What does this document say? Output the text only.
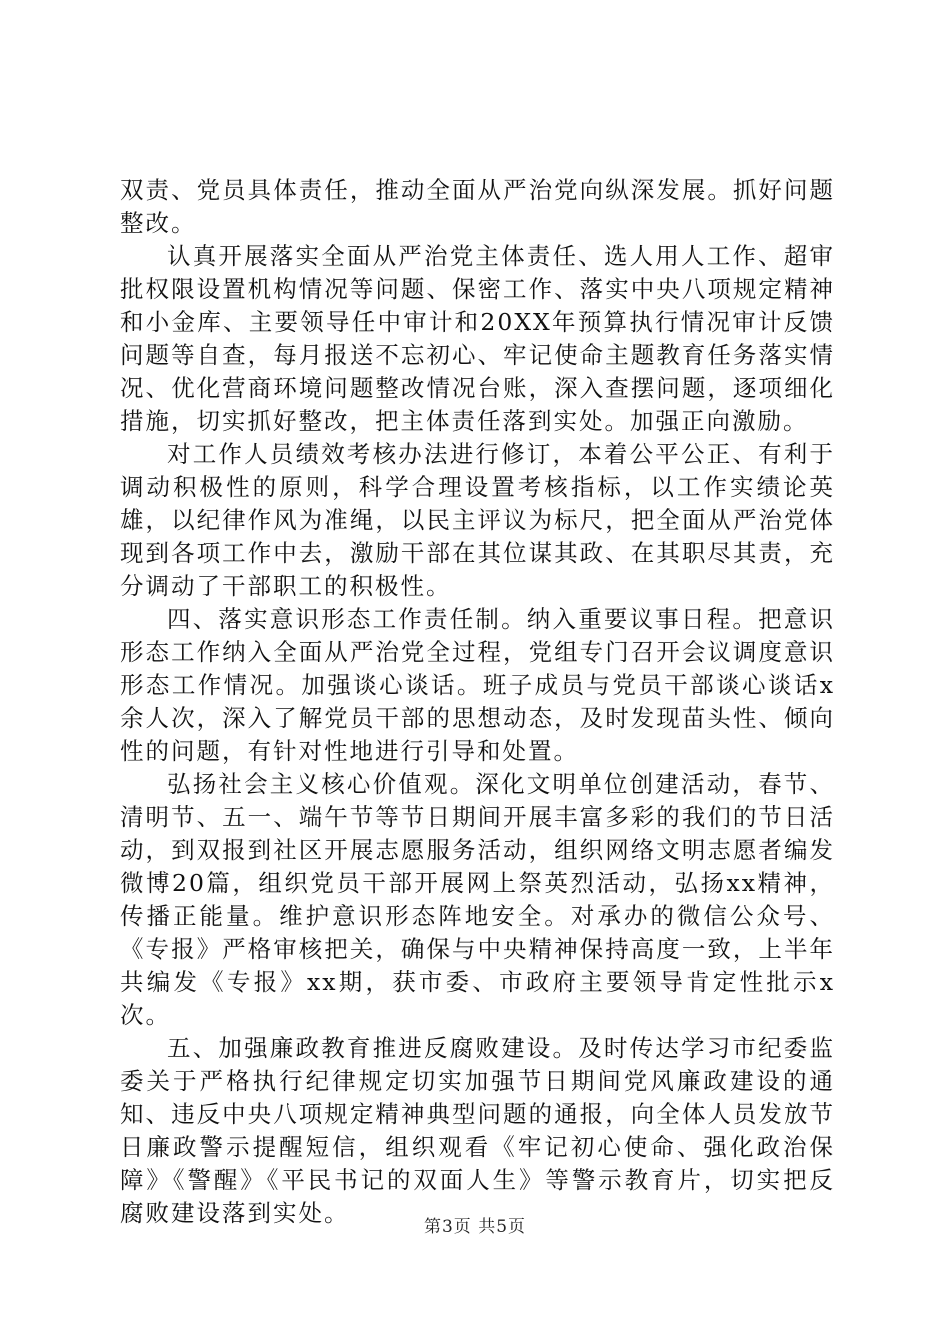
双责、党员具体责任，推动全面从严治党向纵深发展。抓好问题整改。

认真开展落实全面从严治党主体责任、选人用人工作、超审批权限设置机构情况等问题、保密工作、落实中央八项规定精神和小金库、主要领导任中审计和20XX年预算执行情况审计反馈问题等自查，每月报送不忘初心、牢记使命主题教育任务落实情况、优化营商环境问题整改情况台账，深入查摆问题，逐项细化措施，切实抓好整改，把主体责任落到实处。加强正向激励。

对工作人员绩效考核办法进行修订，本着公平公正、有利于调动积极性的原则，科学合理设置考核指标，以工作实绩论英雄，以纪律作风为准绳，以民主评议为标尺，把全面从严治党体现到各项工作中去，激励干部在其位谋其政、在其职尽其责，充分调动了干部职工的积极性。

四、落实意识形态工作责任制。纳入重要议事日程。把意识形态工作纳入全面从严治党全过程，党组专门召开会议调度意识形态工作情况。加强谈心谈话。班子成员与党员干部谈心谈话x余人次，深入了解党员干部的思想动态，及时发现苗头性、倾向性的问题，有针对性地进行引导和处置。

弘扬社会主义核心价值观。深化文明单位创建活动，春节、清明节、五一、端午节等节日期间开展丰富多彩的我们的节日活动，到双报到社区开展志愿服务活动，组织网络文明志愿者编发微博20篇，组织党员干部开展网上祭英烈活动，弘扬xx精神，传播正能量。维护意识形态阵地安全。对承办的微信公众号、《专报》严格审核把关，确保与中央精神保持高度一致，上半年共编发《专报》xx期，获市委、市政府主要领导肯定性批示x次。

五、加强廉政教育推进反腐败建设。及时传达学习市纪委监委关于严格执行纪律规定切实加强节日期间党风廉政建设的通知、违反中央八项规定精神典型问题的通报，向全体人员发放节日廉政警示提醒短信，组织观看《牢记初心使命、强化政治保障》《警醒》《平民书记的双面人生》等警示教育片，切实把反腐败建设落到实处。	第3页 共5页
